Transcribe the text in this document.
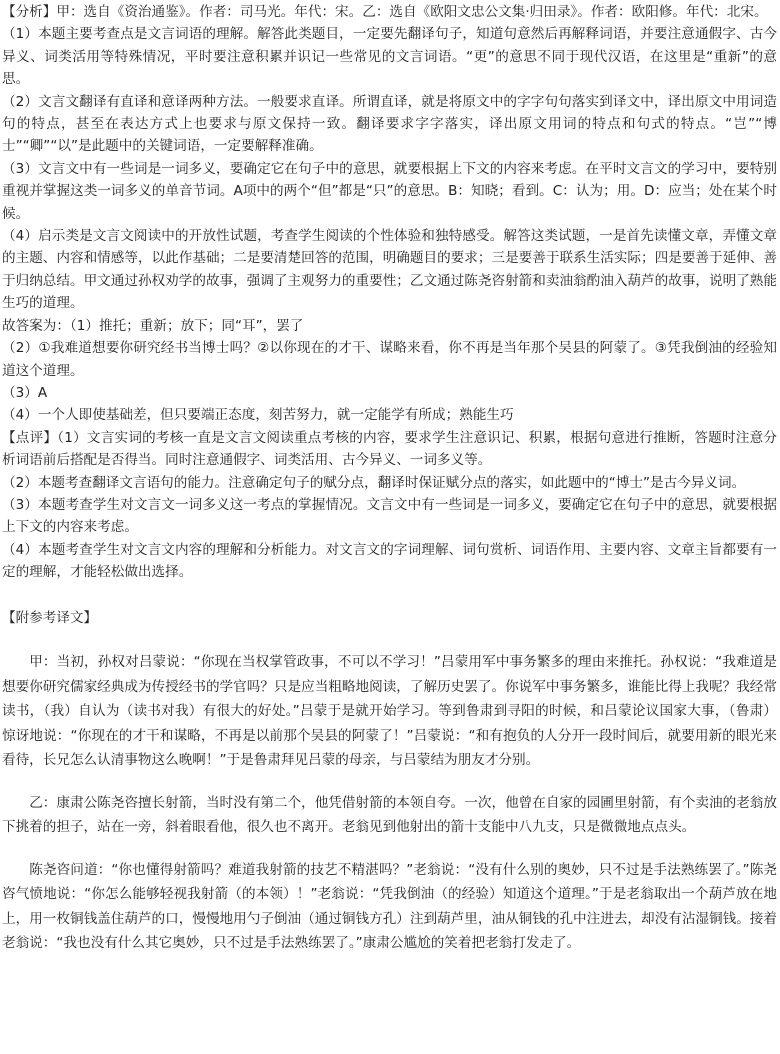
【分析】甲：选自《资治通鉴》。作者：司马光。年代：宋。乙：选自《欧阳文忠公文集·归田录》。作者：欧阳修。年代：北宋。

（1）本题主要考查点是文言词语的理解。解答此类题目，一定要先翻译句子，知道句意然后再解释词语，并要注意通假字、古今异义、词类活用等特殊情况，平时要注意积累并识记一些常见的文言词语。“更”的意思不同于现代汉语，在这里是“重新”的意思。

（2）文言文翻译有直译和意译两种方法。一般要求直译。所谓直译，就是将原文中的字字句句落实到译文中，译出原文中用词造句的特点，甚至在表达方式上也要求与原文保持一致。翻译要求字字落实，译出原文用词的特点和句式的特点。“岂”“博士”“卿”“以”是此题中的关键词语，一定要解释准确。

（3）文言文中有一些词是一词多义，要确定它在句子中的意思，就要根据上下文的内容来考虑。在平时文言文的学习中，要特别重视并掌握这类一词多义的单音节词。A项中的两个“但”都是“只”的意思。B：知晓；看到。C：认为；用。D：应当；处在某个时候。

（4）启示类是文言文阅读中的开放性试题，考查学生阅读的个性体验和独特感受。解答这类试题，一是首先读懂文章，弄懂文章的主题、内容和情感等，以此作基础；二是要清楚回答的范围，明确题目的要求；三是要善于联系生活实际；四是要善于延伸、善于归纳总结。甲文通过孙权劝学的故事，强调了主观努力的重要性；乙文通过陈尧咨射箭和卖油翁酌油入葫芦的故事，说明了熟能生巧的道理。

故答案为：（1）推托；重新；放下；同“耳”，罢了

（2）①我难道想要你研究经书当博士吗？②以你现在的才干、谋略来看，你不再是当年那个吴县的阿蒙了。③凭我倒油的经验知道这个道理。

（3）A

（4）一个人即使基础差，但只要端正态度，刻苦努力，就一定能学有所成；熟能生巧

【点评】（1）文言实词的考核一直是文言文阅读重点考核的内容，要求学生注意识记、积累，根据句意进行推断，答题时注意分析词语前后搭配是否得当。同时注意通假字、词类活用、古今异义、一词多义等。

（2）本题考查翻译文言语句的能力。注意确定句子的赋分点，翻译时保证赋分点的落实，如此题中的“博士”是古今异义词。

（3）本题考查学生对文言文一词多义这一考点的掌握情况。文言文中有一些词是一词多义，要确定它在句子中的意思，就要根据上下文的内容来考虑。

（4）本题考查学生对文言文内容的理解和分析能力。对文言文的字词理解、词句赏析、词语作用、主要内容、文章主旨都要有一定的理解，才能轻松做出选择。

【附参考译文】

甲：当初，孙权对吕蒙说：“你现在当权掌管政事，不可以不学习！”吕蒙用军中事务繁多的理由来推托。孙权说：“我难道是想要你研究儒家经典成为传授经书的学官吗？只是应当粗略地阅读，了解历史罢了。你说军中事务繁多，谁能比得上我呢？我经常读书，（我）自认为（读书对我）有很大的好处。”吕蒙于是就开始学习。等到鲁肃到寻阳的时候，和吕蒙论议国家大事，（鲁肃）惊讶地说：“你现在的才干和谋略，不再是以前那个吴县的阿蒙了！”吕蒙说：“和有抱负的人分开一段时间后，就要用新的眼光来看待，长兄怎么认清事物这么晚啊！”于是鲁肃拜见吕蒙的母亲，与吕蒙结为朋友才分别。

乙：康肃公陈尧咨擅长射箭，当时没有第二个，他凭借射箭的本领自夸。一次，他曾在自家的园圃里射箭，有个卖油的老翁放下挑着的担子，站在一旁，斜着眼看他，很久也不离开。老翁见到他射出的箭十支能中八九支，只是微微地点点头。

陈尧咨问道：“你也懂得射箭吗？难道我射箭的技艺不精湛吗？”老翁说：“没有什么别的奥妙，只不过是手法熟练罢了。”陈尧咨气愤地说：“你怎么能够轻视我射箭（的本领）！”老翁说：“凭我倒油（的经验）知道这个道理。”于是老翁取出一个葫芦放在地上，用一枚铜钱盖住葫芦的口，慢慢地用勺子倒油（通过铜钱方孔）注到葫芦里，油从铜钱的孔中注进去，却没有沾湿铜钱。接着老翁说：“我也没有什么其它奥妙，只不过是手法熟练罢了。”康肃公尴尬的笑着把老翁打发走了。
